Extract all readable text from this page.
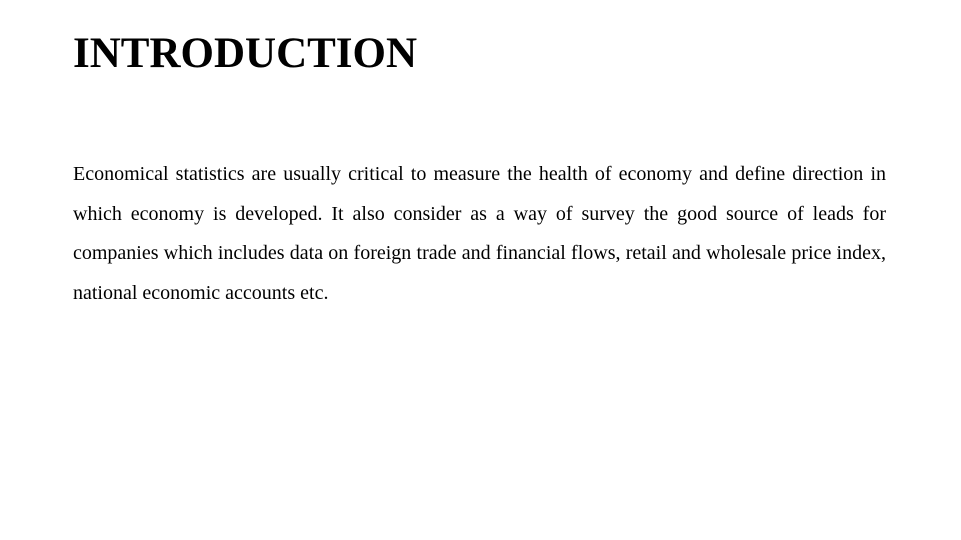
INTRODUCTION

Economical statistics are usually critical to measure the health of economy and define direction in which economy is developed. It also consider as a way of survey the good source of leads for companies which includes data on foreign trade and financial flows, retail and wholesale price index, national economic accounts etc.
